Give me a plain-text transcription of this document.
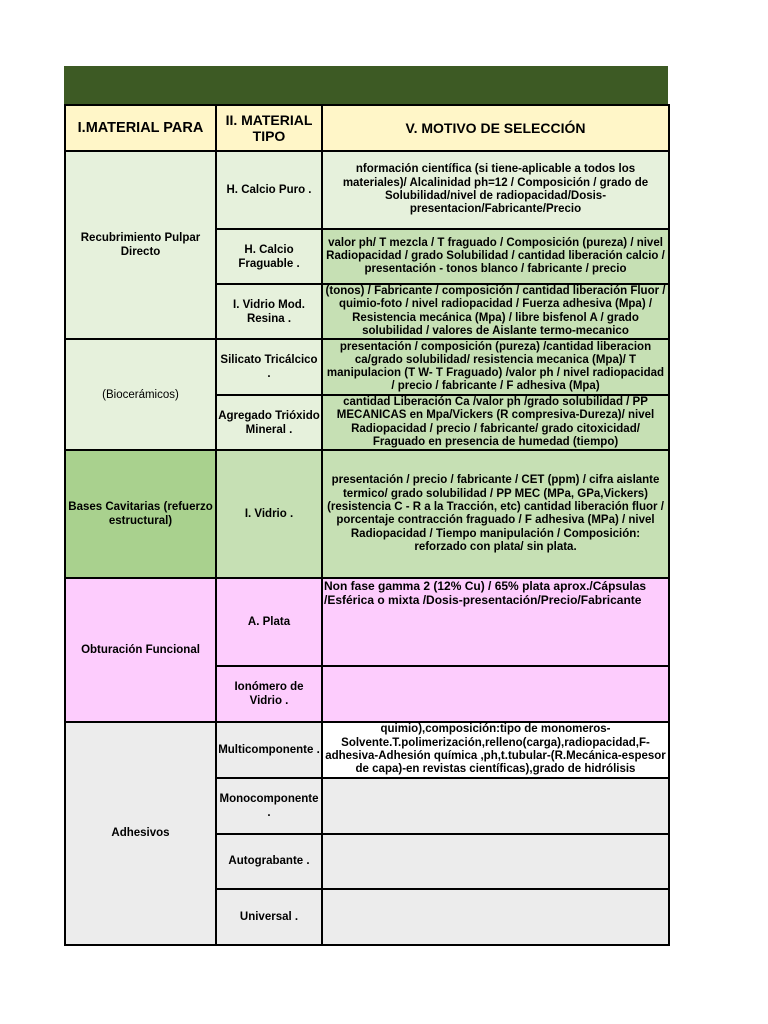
I.MATERIAL PARA	II. MATERIAL TIPO	V. MOTIVO DE SELECCIÓN
Recubrimiento Pulpar Directo	H. Calcio Puro .	nformación científica (si tiene-aplicable a todos los materiales)/ Alcalinidad ph=12 / Composición / grado de Solubilidad/nivel de radiopacidad/Dosis-presentacion/Fabricante/Precio
	H. Calcio Fraguable .	valor ph/ T mezcla / T fraguado / Composición (pureza) / nivel Radiopacidad / grado Solubilidad / cantidad liberación calcio / presentación - tonos blanco / fabricante / precio
	I. Vidrio Mod. Resina .	(tonos) / Fabricante / composición / cantidad liberación Fluor / quimio-foto / nivel radiopacidad / Fuerza adhesiva (Mpa) / Resistencia mecánica (Mpa) / libre bisfenol A / grado solubilidad / valores de Aislante termo-mecanico
(Biocerámicos)	Silicato Tricálcico .	presentación / composición (pureza) /cantidad liberacion ca/grado solubilidad/ resistencia mecanica (Mpa)/ T manipulacion (T W- T Fraguado) /valor ph / nivel radiopacidad / precio / fabricante / F adhesiva (Mpa)
	Agregado Trióxido Mineral .	cantidad Liberación Ca /valor ph /grado solubilidad / PP MECANICAS en Mpa/Vickers (R compresiva-Dureza)/ nivel Radiopacidad / precio / fabricante/ grado citoxicidad/ Fraguado en presencia de humedad (tiempo)
Bases Cavitarias (refuerzo estructural)	I. Vidrio .	presentación / precio / fabricante / CET (ppm) / cifra aislante termico/ grado solubilidad / PP MEC (MPa, GPa,Vickers) (resistencia C - R a la Tracción, etc) cantidad liberación fluor / porcentaje contracción fraguado / F adhesiva (MPa) / nivel Radiopacidad / Tiempo manipulación / Composición: reforzado con plata/ sin plata.
Obturación Funcional	A. Plata	Non fase gamma 2 (12% Cu) / 65% plata aprox./Cápsulas /Esférica o mixta /Dosis-presentación/Precio/Fabricante
	Ionómero de Vidrio .	
Adhesivos	Multicomponente .	quimio),composición:tipo de monomeros-Solvente.T.polimerización,relleno(carga),radiopacidad,F-adhesiva-Adhesión química ,ph,t.tubular-(R.Mecánica-espesor de capa)-en revistas científicas),grado de hidrólisis
	Monocomponente .	
	Autograbante .	
	Universal .	
